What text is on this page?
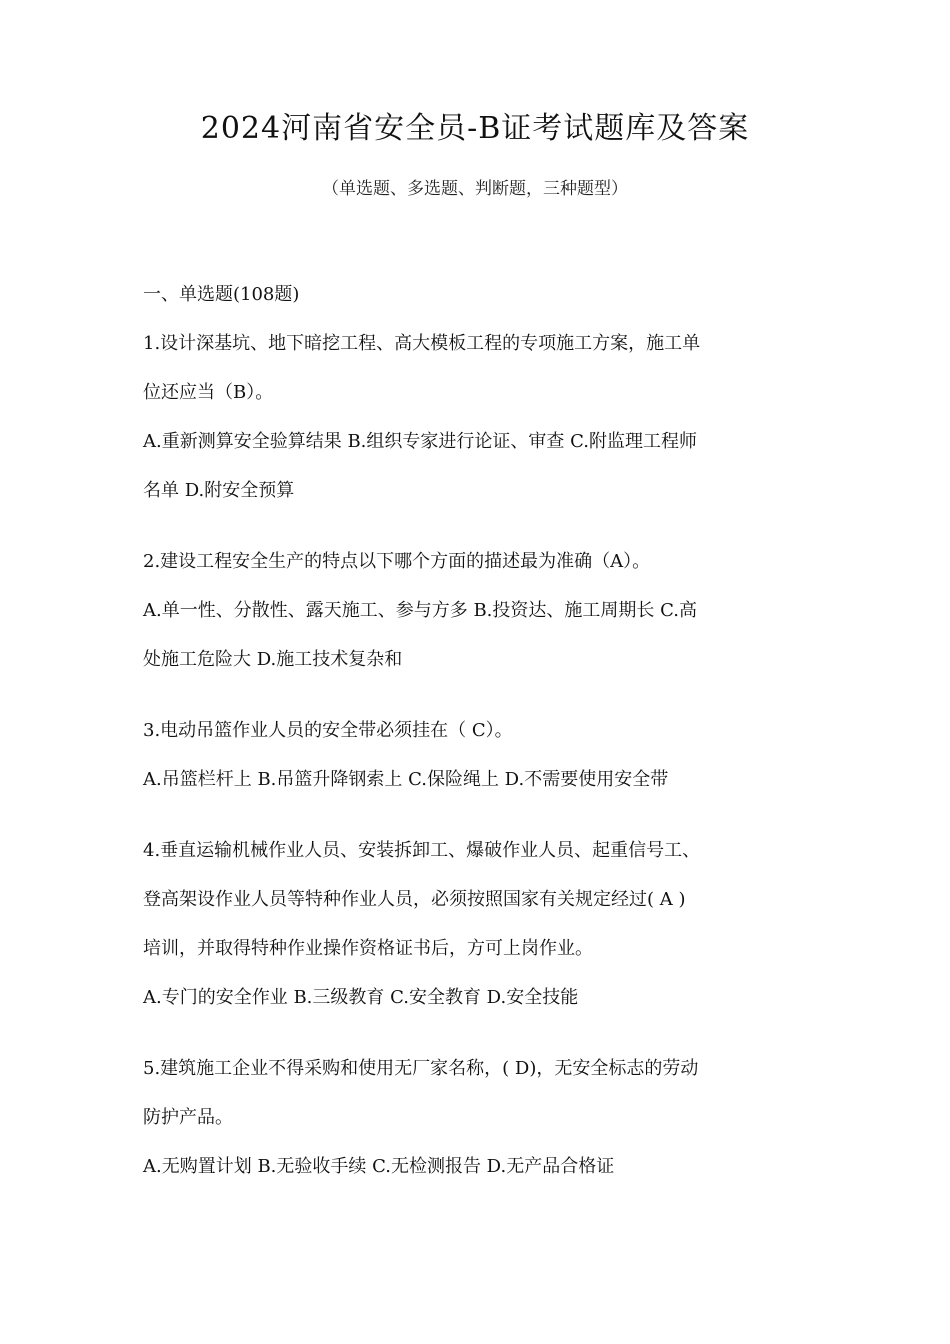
2024河南省安全员-B证考试题库及答案
（单选题、多选题、判断题，三种题型）
一、单选题(108题)
1.设计深基坑、地下暗挖工程、高大模板工程的专项施工方案，施工单
位还应当（B）。
A.重新测算安全验算结果 B.组织专家进行论证、审查 C.附监理工程师
名单 D.附安全预算
2.建设工程安全生产的特点以下哪个方面的描述最为准确（A）。
A.单一性、分散性、露天施工、参与方多 B.投资达、施工周期长 C.高
处施工危险大 D.施工技术复杂和
3.电动吊篮作业人员的安全带必须挂在（ C）。
A.吊篮栏杆上 B.吊篮升降钢索上 C.保险绳上 D.不需要使用安全带
4.垂直运输机械作业人员、安装拆卸工、爆破作业人员、起重信号工、
登高架设作业人员等特种作业人员，必须按照国家有关规定经过( A )
培训，并取得特种作业操作资格证书后，方可上岗作业。
A.专门的安全作业 B.三级教育 C.安全教育 D.安全技能
5.建筑施工企业不得采购和使用无厂家名称，( D)，无安全标志的劳动
防护产品。
A.无购置计划 B.无验收手续 C.无检测报告 D.无产品合格证
